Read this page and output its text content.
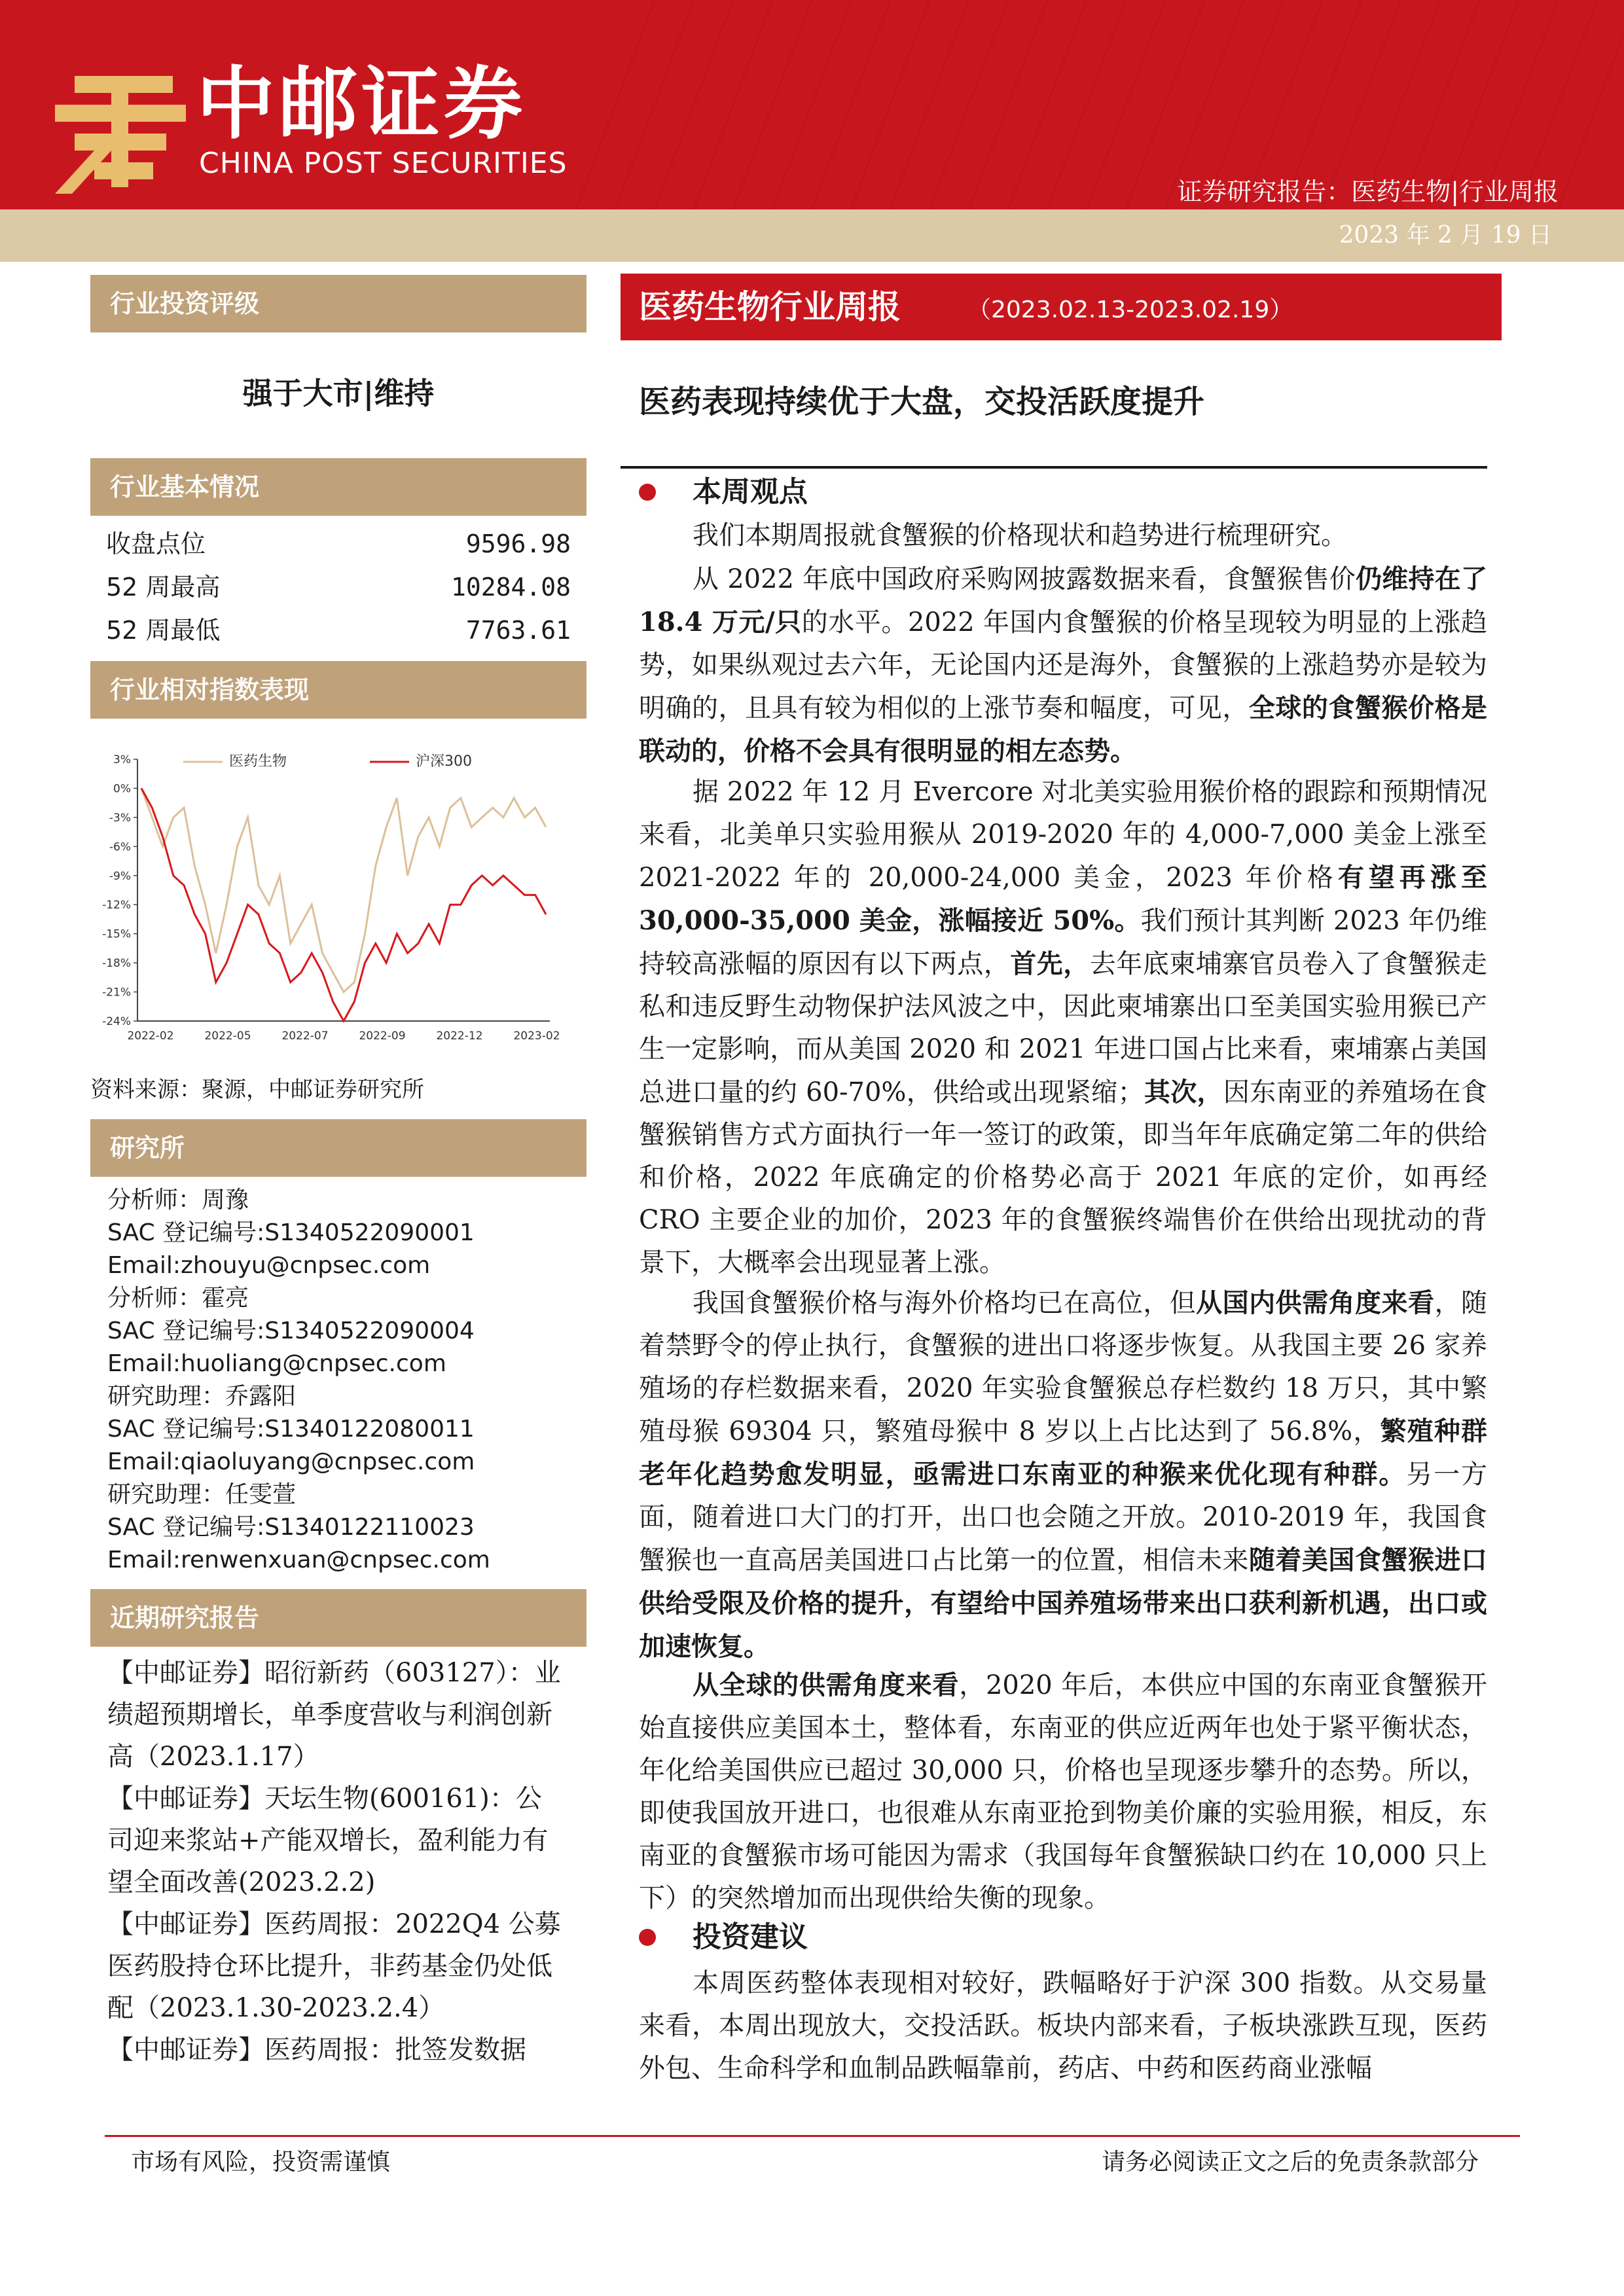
中邮证券
CHINA POST SECURITIES
证券研究报告：医药生物|行业周报
2023 年 2 月 19 日
行业投资评级
强于大市|维持
行业基本情况
收盘点位	9596.98
52 周最高	10284.08
52 周最低	7763.61
行业相对指数表现
3%
0%
-3%
-6%
-9%
-12%
-15%
-18%
-21%
-24%
2022-02	2022-05	2022-07	2022-09	2022-12	2023-02
医药生物	沪深300
资料来源：聚源，中邮证券研究所
研究所
分析师：周豫
SAC 登记编号:S1340522090001
Email:zhouyu@cnpsec.com
分析师：霍亮
SAC 登记编号:S1340522090004
Email:huoliang@cnpsec.com
研究助理：乔露阳
SAC 登记编号:S1340122080011
Email:qiaoluyang@cnpsec.com
研究助理：任雯萱
SAC 登记编号:S1340122110023
Email:renwenxuan@cnpsec.com
近期研究报告
【中邮证券】昭衍新药（603127）：业绩超预期增长，单季度营收与利润创新高（2023.1.17）
【中邮证券】天坛生物(600161)：公司迎来浆站+产能双增长，盈利能力有望全面改善(2023.2.2)
【中邮证券】医药周报：2022Q4 公募医药股持仓环比提升，非药基金仍处低配（2023.1.30-2023.2.4）
【中邮证券】医药周报：批签发数据
医药生物行业周报	（2023.02.13-2023.02.19）
医药表现持续优于大盘，交投活跃度提升
本周观点
我们本期周报就食蟹猴的价格现状和趋势进行梳理研究。
从 2022 年底中国政府采购网披露数据来看，食蟹猴售价仍维持在了 18.4 万元/只的水平。2022 年国内食蟹猴的价格呈现较为明显的上涨趋势，如果纵观过去六年，无论国内还是海外，食蟹猴的上涨趋势亦是较为明确的，且具有较为相似的上涨节奏和幅度，可见，全球的食蟹猴价格是联动的，价格不会具有很明显的相左态势。
据 2022 年 12 月 Evercore 对北美实验用猴价格的跟踪和预期情况来看，北美单只实验用猴从 2019-2020 年的 4,000-7,000 美金上涨至 2021-2022 年的 20,000-24,000 美金，2023 年价格有望再涨至 30,000-35,000 美金，涨幅接近 50%。我们预计其判断 2023 年仍维持较高涨幅的原因有以下两点，首先，去年底柬埔寨官员卷入了食蟹猴走私和违反野生动物保护法风波之中，因此柬埔寨出口至美国实验用猴已产生一定影响，而从美国 2020 和 2021 年进口国占比来看，柬埔寨占美国总进口量的约 60-70%，供给或出现紧缩；其次，因东南亚的养殖场在食蟹猴销售方式方面执行一年一签订的政策，即当年年底确定第二年的供给和价格，2022 年底确定的价格势必高于 2021 年底的定价，如再经 CRO 主要企业的加价，2023 年的食蟹猴终端售价在供给出现扰动的背景下，大概率会出现显著上涨。
我国食蟹猴价格与海外价格均已在高位，但从国内供需角度来看，随着禁野令的停止执行，食蟹猴的进出口将逐步恢复。从我国主要 26 家养殖场的存栏数据来看，2020 年实验食蟹猴总存栏数约 18 万只，其中繁殖母猴 69304 只，繁殖母猴中 8 岁以上占比达到了 56.8%，繁殖种群老年化趋势愈发明显，亟需进口东南亚的种猴来优化现有种群。另一方面，随着进口大门的打开，出口也会随之开放。2010-2019 年，我国食蟹猴也一直高居美国进口占比第一的位置，相信未来随着美国食蟹猴进口供给受限及价格的提升，有望给中国养殖场带来出口获利新机遇，出口或加速恢复。
从全球的供需角度来看，2020 年后，本供应中国的东南亚食蟹猴开始直接供应美国本土，整体看，东南亚的供应近两年也处于紧平衡状态，年化给美国供应已超过 30,000 只，价格也呈现逐步攀升的态势。所以，即使我国放开进口，也很难从东南亚抢到物美价廉的实验用猴，相反，东南亚的食蟹猴市场可能因为需求（我国每年食蟹猴缺口约在 10,000 只上下）的突然增加而出现供给失衡的现象。
投资建议
本周医药整体表现相对较好，跌幅略好于沪深 300 指数。从交易量来看，本周出现放大，交投活跃。板块内部来看，子板块涨跌互现，医药外包、生命科学和血制品跌幅靠前，药店、中药和医药商业涨幅
市场有风险，投资需谨慎	请务必阅读正文之后的免责条款部分
